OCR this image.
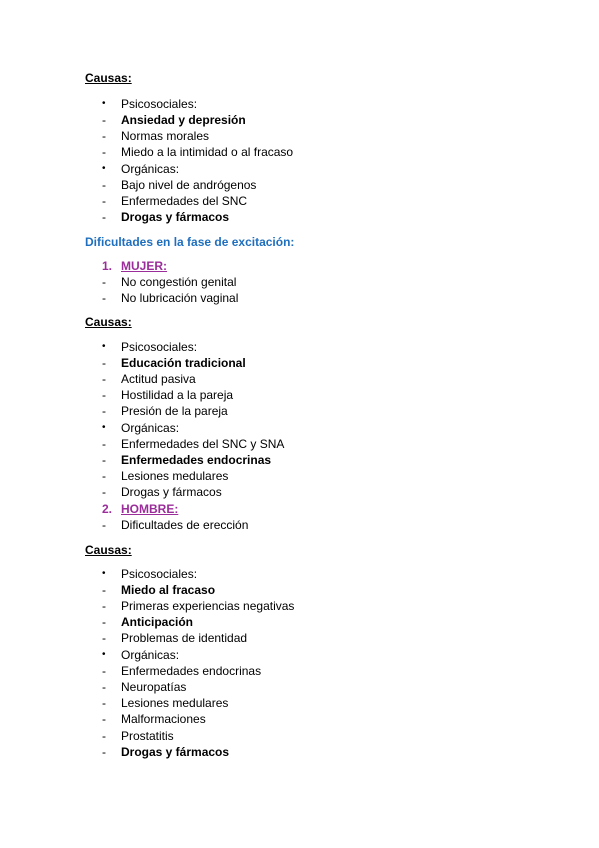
Causas:
•	Psicosociales:
-	Ansiedad y depresión
-	Normas morales
-	Miedo a la intimidad o al fracaso
•	Orgánicas:
-	Bajo nivel de andrógenos
-	Enfermedades del SNC
-	Drogas y fármacos
Dificultades en la fase de excitación:
1. MUJER:
-	No congestión genital
-	No lubricación vaginal
Causas:
•	Psicosociales:
-	Educación tradicional
-	Actitud pasiva
-	Hostilidad a la pareja
-	Presión de la pareja
•	Orgánicas:
-	Enfermedades del SNC y SNA
-	Enfermedades endocrinas
-	Lesiones medulares
-	Drogas y fármacos
2. HOMBRE:
-	Dificultades de erección
Causas:
•	Psicosociales:
-	Miedo al fracaso
-	Primeras experiencias negativas
-	Anticipación
-	Problemas de identidad
•	Orgánicas:
-	Enfermedades endocrinas
-	Neuropatías
-	Lesiones medulares
-	Malformaciones
-	Prostatitis
-	Drogas y fármacos
